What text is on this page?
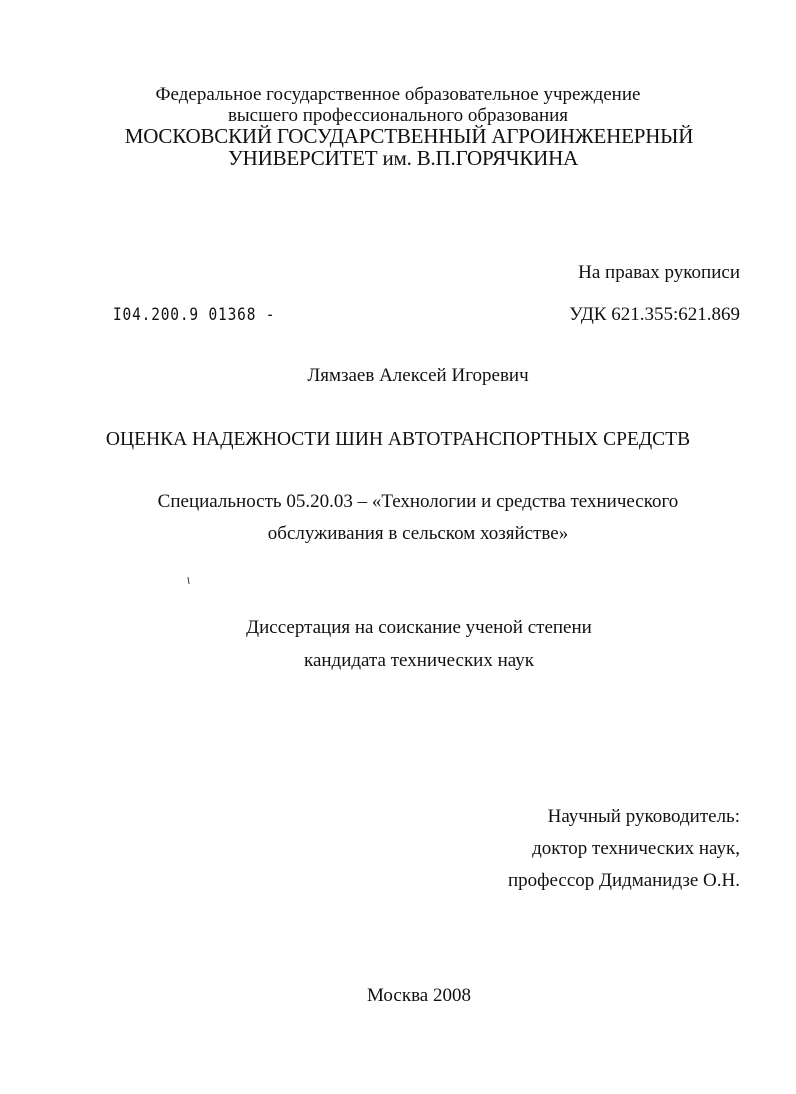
Федеральное государственное образовательное учреждение
высшего профессионального образования
МОСКОВСКИЙ ГОСУДАРСТВЕННЫЙ АГРОИНЖЕНЕРНЫЙ
УНИВЕРСИТЕТ им. В.П.ГОРЯЧКИНА
На правах рукописи
I04.200.9 01368 -	УДК 621.355:621.869
Лямзаев Алексей Игоревич
ОЦЕНКА НАДЕЖНОСТИ ШИН АВТОТРАНСПОРТНЫХ СРЕДСТВ
Специальность 05.20.03 – «Технологии и средства технического
обслуживания в сельском хозяйстве»
Диссертация на соискание ученой степени
кандидата технических наук
Научный руководитель:
доктор технических наук,
профессор Дидманидзе О.Н.
Москва 2008
